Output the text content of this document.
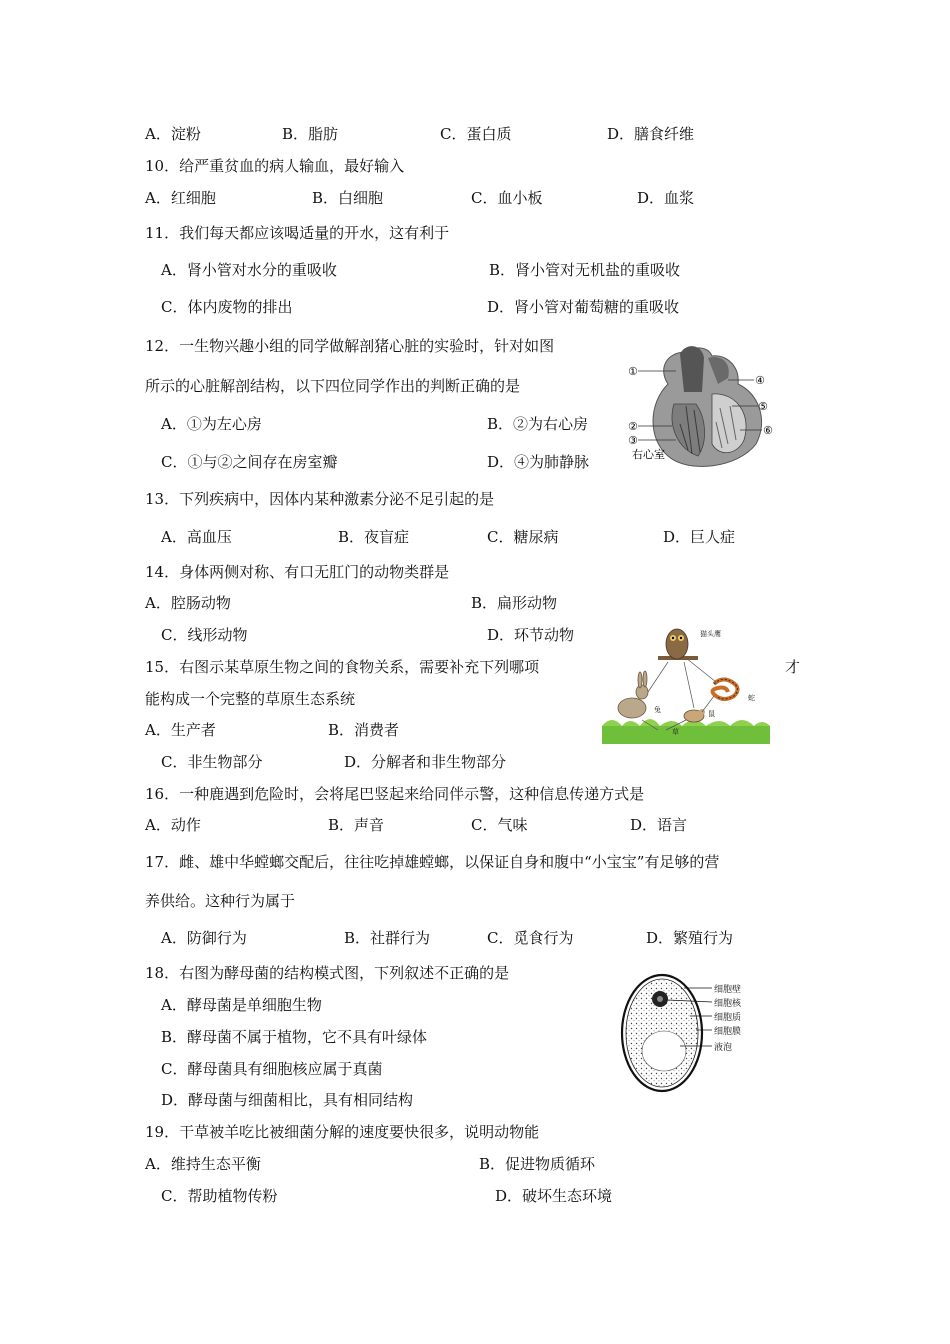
A．淀粉	B．脂肪	C．蛋白质	D．膳食纤维
10．给严重贫血的病人输血，最好输入
A．红细胞	B．白细胞	C．血小板	D．血浆
11．我们每天都应该喝适量的开水，这有利于
A．肾小管对水分的重吸收	B．肾小管对无机盐的重吸收
C．体内废物的排出	D．肾小管对葡萄糖的重吸收
12．一生物兴趣小组的同学做解剖猪心脏的实验时，针对如图
所示的心脏解剖结构，以下四位同学作出的判断正确的是
A．①为左心房	B．②为右心房
C．①与②之间存在房室瓣	D．④为肺静脉
①
②
③
④
⑤
⑥
右心室
13．下列疾病中，因体内某种激素分泌不足引起的是
A．高血压	B．夜盲症	C．糖尿病	D．巨人症
14．身体两侧对称、有口无肛门的动物类群是
A．腔肠动物	B．扁形动物
C．线形动物	D．环节动物
15．右图示某草原生物之间的食物关系，需要补充下列哪项	才
能构成一个完整的草原生态系统
A．生产者	B．消费者
C．非生物部分	D．分解者和非生物部分
猫头鹰
蛇
兔	鼠
草
16．一种鹿遇到危险时，会将尾巴竖起来给同伴示警，这种信息传递方式是
A．动作	B．声音	C．气味	D．语言
17．雌、雄中华螳螂交配后，往往吃掉雄螳螂，以保证自身和腹中“小宝宝”有足够的营
养供给。这种行为属于
A．防御行为	B．社群行为	C．觅食行为	D．繁殖行为
18．右图为酵母菌的结构模式图，下列叙述不正确的是
A．酵母菌是单细胞生物
B．酵母菌不属于植物，它不具有叶绿体
C．酵母菌具有细胞核应属于真菌
D．酵母菌与细菌相比，具有相同结构
细胞壁
细胞核
细胞质
细胞膜
液泡
19．干草被羊吃比被细菌分解的速度要快很多，说明动物能
A．维持生态平衡	B．促进物质循环
C．帮助植物传粉	D．破坏生态环境
